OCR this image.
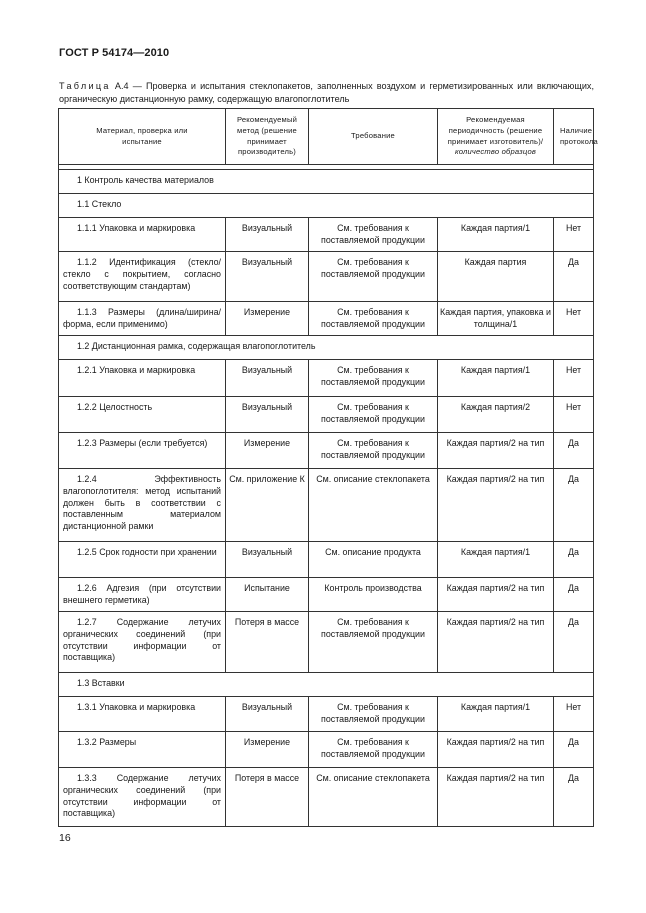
ГОСТ Р 54174—2010
Таблица А.4 — Проверка и испытания стеклопакетов, заполненных воздухом и герметизированных или включающих, органическую дистанционную рамку, содержащую влагопоглотитель
Материал, проверка или испытание	Рекомендуемый метод (решение принимает производитель)	Требование	Рекомендуемая периодичность (решение принимает изготовитель)/количество образцов	Наличие протокола

1 Контроль качества материалов				
1.1 Стекло				
1.1.1 Упаковка и маркировка	Визуальный	См. требования к поставляемой продукции	Каждая партия/1	Нет
1.1.2 Идентификация (стекло/стекло с покрытием, согласно соответствующим стандартам)	Визуальный	См. требования к поставляемой продукции	Каждая партия	Да
1.1.3 Размеры (длина/ширина/форма, если применимо)	Измерение	См. требования к поставляемой продукции	Каждая партия, упаковка и толщина/1	Нет
1.2 Дистанционная рамка, содержащая влагопоглотитель				
1.2.1 Упаковка и маркировка	Визуальный	См. требования к поставляемой продукции	Каждая партия/1	Нет
1.2.2 Целостность	Визуальный	См. требования к поставляемой продукции	Каждая партия/2	Нет
1.2.3 Размеры (если требуется)	Измерение	См. требования к поставляемой продукции	Каждая партия/2 на тип	Да
1.2.4 Эффективность влагопоглотителя: метод испытаний должен быть в соответствии с поставленным материалом дистанционной рамки	См. приложение К	См. описание стеклопакета	Каждая партия/2 на тип	Да
1.2.5 Срок годности при хранении	Визуальный	См. описание продукта	Каждая партия/1	Да
1.2.6 Адгезия (при отсутствии внешнего герметика)	Испытание	Контроль производства	Каждая партия/2 на тип	Да
1.2.7 Содержание летучих органических соединений (при отсутствии информации от поставщика)	Потеря в массе	См. требования к поставляемой продукции	Каждая партия/2 на тип	Да
1.3 Вставки				
1.3.1 Упаковка и маркировка	Визуальный	См. требования к поставляемой продукции	Каждая партия/1	Нет
1.3.2 Размеры	Измерение	См. требования к поставляемой продукции	Каждая партия/2 на тип	Да
1.3.3 Содержание летучих органических соединений (при отсутствии информации от поставщика)	Потеря в массе	См. описание стеклопакета	Каждая партия/2 на тип	Да
16
